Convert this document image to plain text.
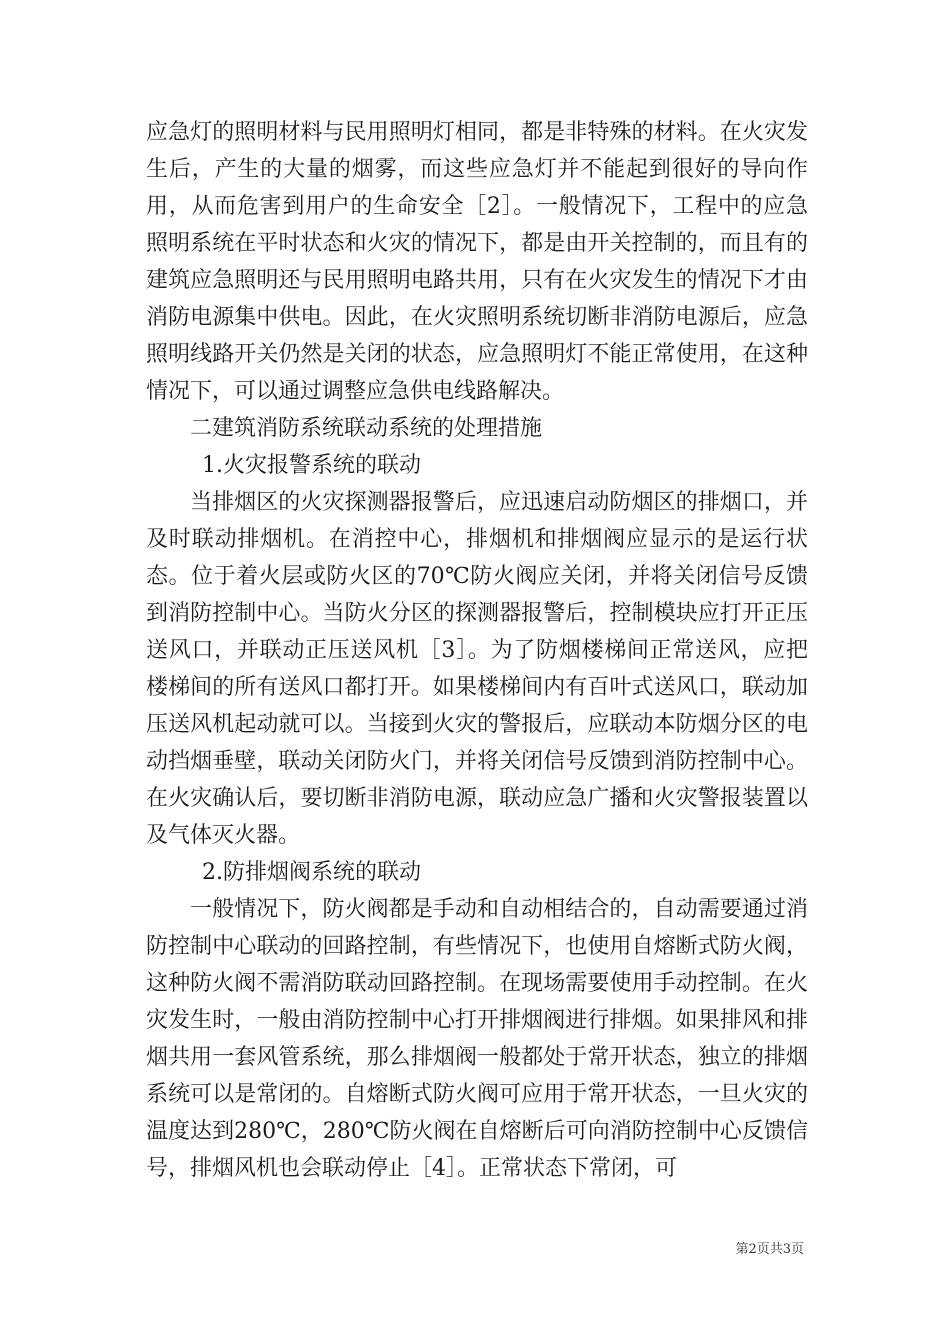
应急灯的照明材料与民用照明灯相同，都是非特殊的材料。在火灾发生后，产生的大量的烟雾，而这些应急灯并不能起到很好的导向作用，从而危害到用户的生命安全［2］。一般情况下，工程中的应急照明系统在平时状态和火灾的情况下，都是由开关控制的，而且有的建筑应急照明还与民用照明电路共用，只有在火灾发生的情况下才由消防电源集中供电。因此，在火灾照明系统切断非消防电源后，应急照明线路开关仍然是关闭的状态，应急照明灯不能正常使用，在这种情况下，可以通过调整应急供电线路解决。

二建筑消防系统联动系统的处理措施

1.火灾报警系统的联动

当排烟区的火灾探测器报警后，应迅速启动防烟区的排烟口，并及时联动排烟机。在消控中心，排烟机和排烟阀应显示的是运行状态。位于着火层或防火区的70℃防火阀应关闭，并将关闭信号反馈到消防控制中心。当防火分区的探测器报警后，控制模块应打开正压送风口，并联动正压送风机［3］。为了防烟楼梯间正常送风，应把楼梯间的所有送风口都打开。如果楼梯间内有百叶式送风口，联动加压送风机起动就可以。当接到火灾的警报后，应联动本防烟分区的电动挡烟垂壁，联动关闭防火门，并将关闭信号反馈到消防控制中心。在火灾确认后，要切断非消防电源，联动应急广播和火灾警报装置以及气体灭火器。

2.防排烟阀系统的联动

一般情况下，防火阀都是手动和自动相结合的，自动需要通过消防控制中心联动的回路控制，有些情况下，也使用自熔断式防火阀，这种防火阀不需消防联动回路控制。在现场需要使用手动控制。在火灾发生时，一般由消防控制中心打开排烟阀进行排烟。如果排风和排烟共用一套风管系统，那么排烟阀一般都处于常开状态，独立的排烟系统可以是常闭的。自熔断式防火阀可应用于常开状态，一旦火灾的温度达到280℃，280℃防火阀在自熔断后可向消防控制中心反馈信号，排烟风机也会联动停止［4］。正常状态下常闭，可

第2页共3页
